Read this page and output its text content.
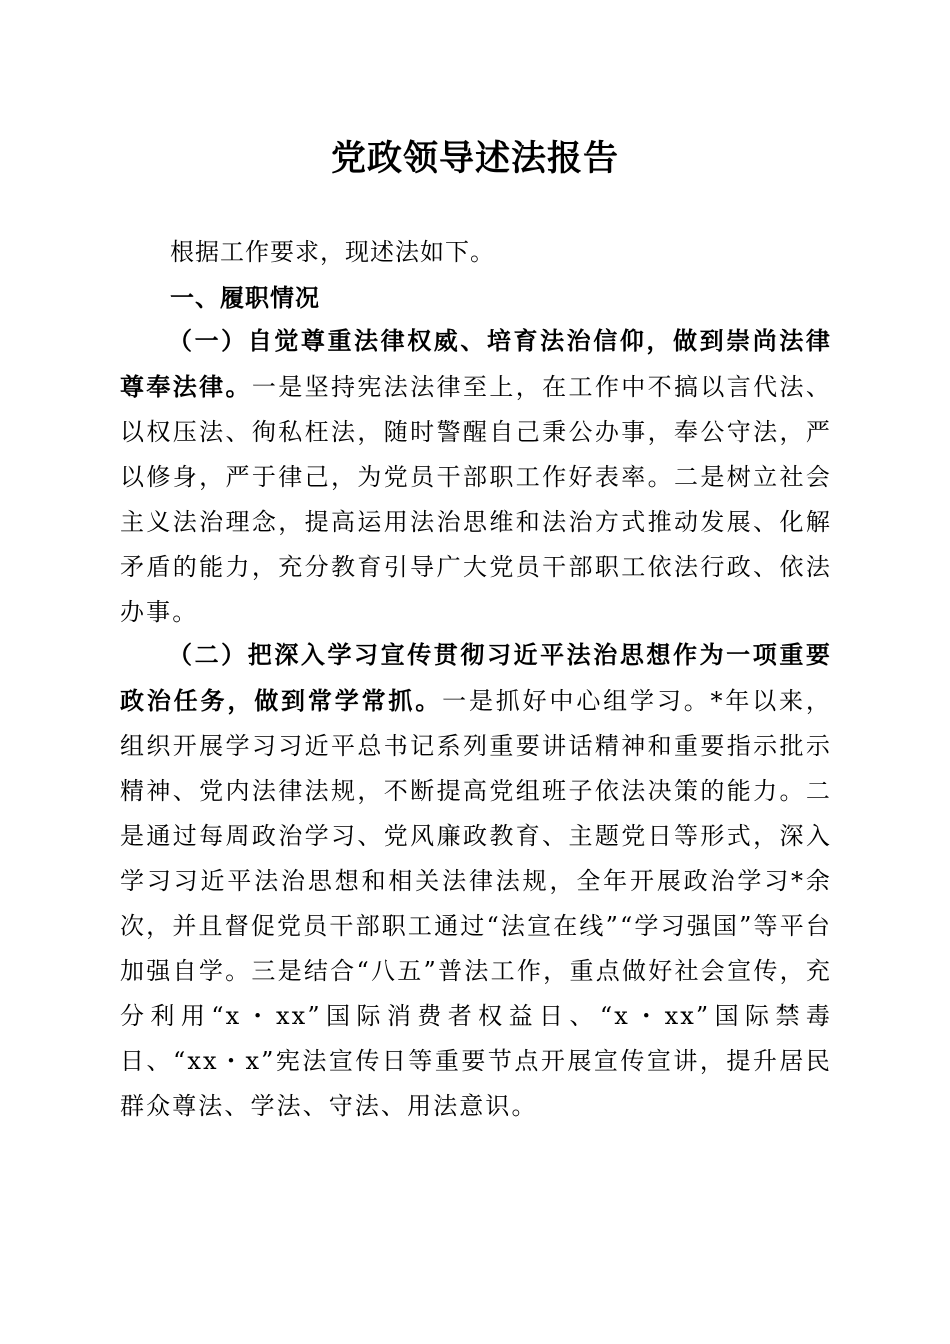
党政领导述法报告
根据工作要求，现述法如下。
一、履职情况

（一）自觉尊重法律权威、培育法治信仰，做到崇尚法律尊奉法律。一是坚持宪法法律至上，在工作中不搞以言代法、以权压法、徇私枉法，随时警醒自己秉公办事，奉公守法，严以修身，严于律己，为党员干部职工作好表率。二是树立社会主义法治理念，提高运用法治思维和法治方式推动发展、化解矛盾的能力，充分教育引导广大党员干部职工依法行政、依法办事。

（二）把深入学习宣传贯彻习近平法治思想作为一项重要政治任务，做到常学常抓。一是抓好中心组学习。*年以来，组织开展学习习近平总书记系列重要讲话精神和重要指示批示精神、党内法律法规，不断提高党组班子依法决策的能力。二是通过每周政治学习、党风廉政教育、主题党日等形式，深入学习习近平法治思想和相关法律法规，全年开展政治学习*余次，并且督促党员干部职工通过“法宣在线”“学习强国”等平台加强自学。三是结合“八五”普法工作，重点做好社会宣传，充分利用“x・xx”国际消费者权益日、“x・xx”国际禁毒日、“xx・x”宪法宣传日等重要节点开展宣传宣讲，提升居民群众尊法、学法、守法、用法意识。
